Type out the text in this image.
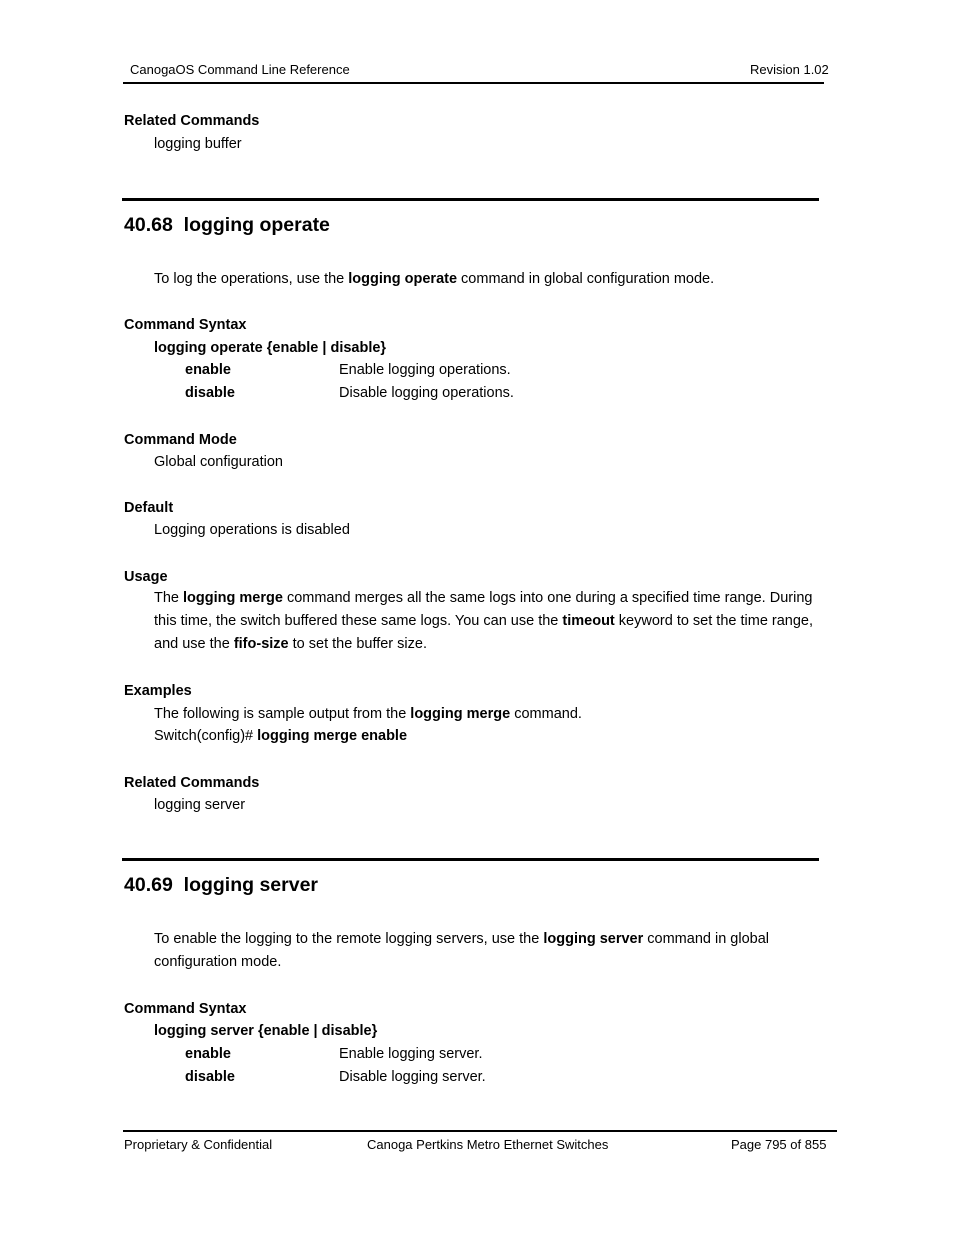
CanogaOS Command Line Reference	Revision 1.02
Related Commands
logging buffer
40.68 logging operate
To log the operations, use the logging operate command in global configuration mode.
Command Syntax
logging operate {enable | disable}
enable	Enable logging operations.
disable	Disable logging operations.
Command Mode
Global configuration
Default
Logging operations is disabled
Usage
The logging merge command merges all the same logs into one during a specified time range. During this time, the switch buffered these same logs. You can use the timeout keyword to set the time range, and use the fifo-size to set the buffer size.
Examples
The following is sample output from the logging merge command.
Switch(config)# logging merge enable
Related Commands
logging server
40.69 logging server
To enable the logging to the remote logging servers, use the logging server command in global configuration mode.
Command Syntax
logging server {enable | disable}
enable	Enable logging server.
disable	Disable logging server.
Proprietary & Confidential	Canoga Pertkins Metro Ethernet Switches	Page 795 of 855
